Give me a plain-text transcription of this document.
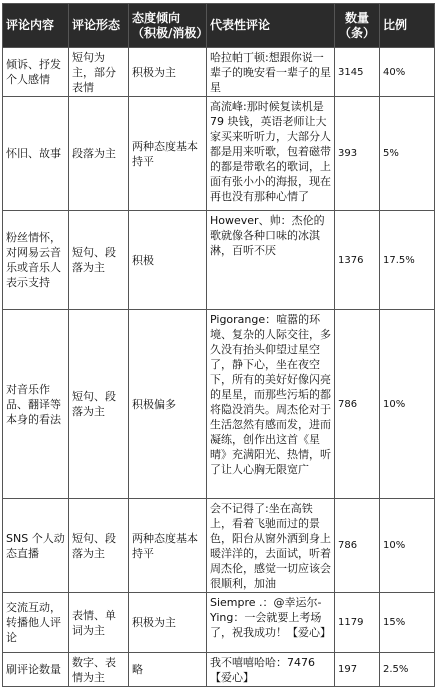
评论内容	评论形态	态度倾向（积极/消极）	代表性评论	数量（条）	比例
倾诉、抒发个人感情	短句为主，部分表情	积极为主	哈拉帕丁顿:想跟你说一辈子的晚安看一辈子的星星	3145	40%
怀旧、故事	段落为主	两种态度基本持平	高流峰:那时候复读机是 79 块钱，英语老师让大家买来听听力，大部分人都是用来听歌，包着磁带的都是带歌名的歌词，上面有张小小的海报，现在再也没有那种心情了	393	5%
粉丝情怀，对网易云音乐或音乐人表示支持	短句、段落为主	积极	However、帅：杰伦的歌就像各种口味的冰淇淋，百听不厌	1376	17.5%
对音乐作品、翻译等本身的看法	短句、段落为主	积极偏多	Pigorange：喧嚣的环境、复杂的人际交往，多久没有抬头仰望过星空了，静下心，坐在夜空下，所有的美好好像闪亮的星星，而那些污垢的都将隐没消失。周杰伦对于生活忽然有感而发，进而凝练，创作出这首《星晴》充满阳光、热情，听了让人心胸无限宽广	786	10%
SNS 个人动态直播	短句、段落为主	两种态度基本持平	会不记得了:坐在高铁上，看着飞驰而过的景色，阳台从窗外洒到身上暖洋洋的，去面试，听着周杰伦，感觉一切应该会很顺利，加油	786	10%
交流互动，转播他人评论	表情、单词为主	积极为主	Siempre .：@幸运尔-Ying：一会就要上考场了，祝我成功！【爱心】	1179	15%
刷评论数量	数字、表情为主	略	我不嘻嘻哈哈：7476【爱心】	197	2.5%
